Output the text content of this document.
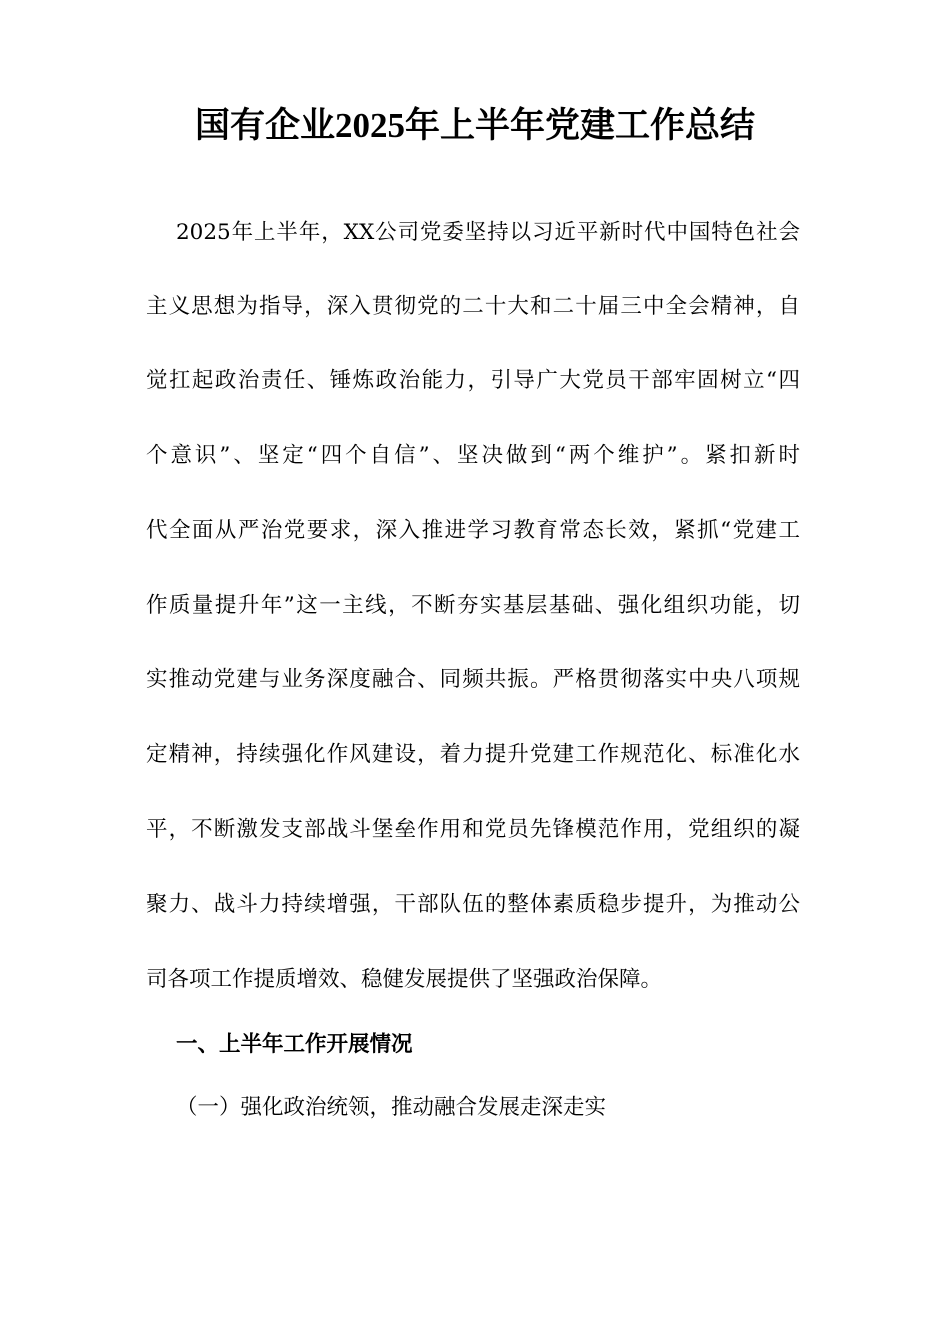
国有企业2025年上半年党建工作总结
2025年上半年，XX公司党委坚持以习近平新时代中国特色社会
主义思想为指导，深入贯彻党的二十大和二十届三中全会精神，自
觉扛起政治责任、锤炼政治能力，引导广大党员干部牢固树立“四
个意识”、坚定“四个自信”、坚决做到“两个维护”。紧扣新时
代全面从严治党要求，深入推进学习教育常态长效，紧抓“党建工
作质量提升年”这一主线，不断夯实基层基础、强化组织功能，切
实推动党建与业务深度融合、同频共振。严格贯彻落实中央八项规
定精神，持续强化作风建设，着力提升党建工作规范化、标准化水
平，不断激发支部战斗堡垒作用和党员先锋模范作用，党组织的凝
聚力、战斗力持续增强，干部队伍的整体素质稳步提升，为推动公
司各项工作提质增效、稳健发展提供了坚强政治保障。
一、上半年工作开展情况
（一）强化政治统领，推动融合发展走深走实
